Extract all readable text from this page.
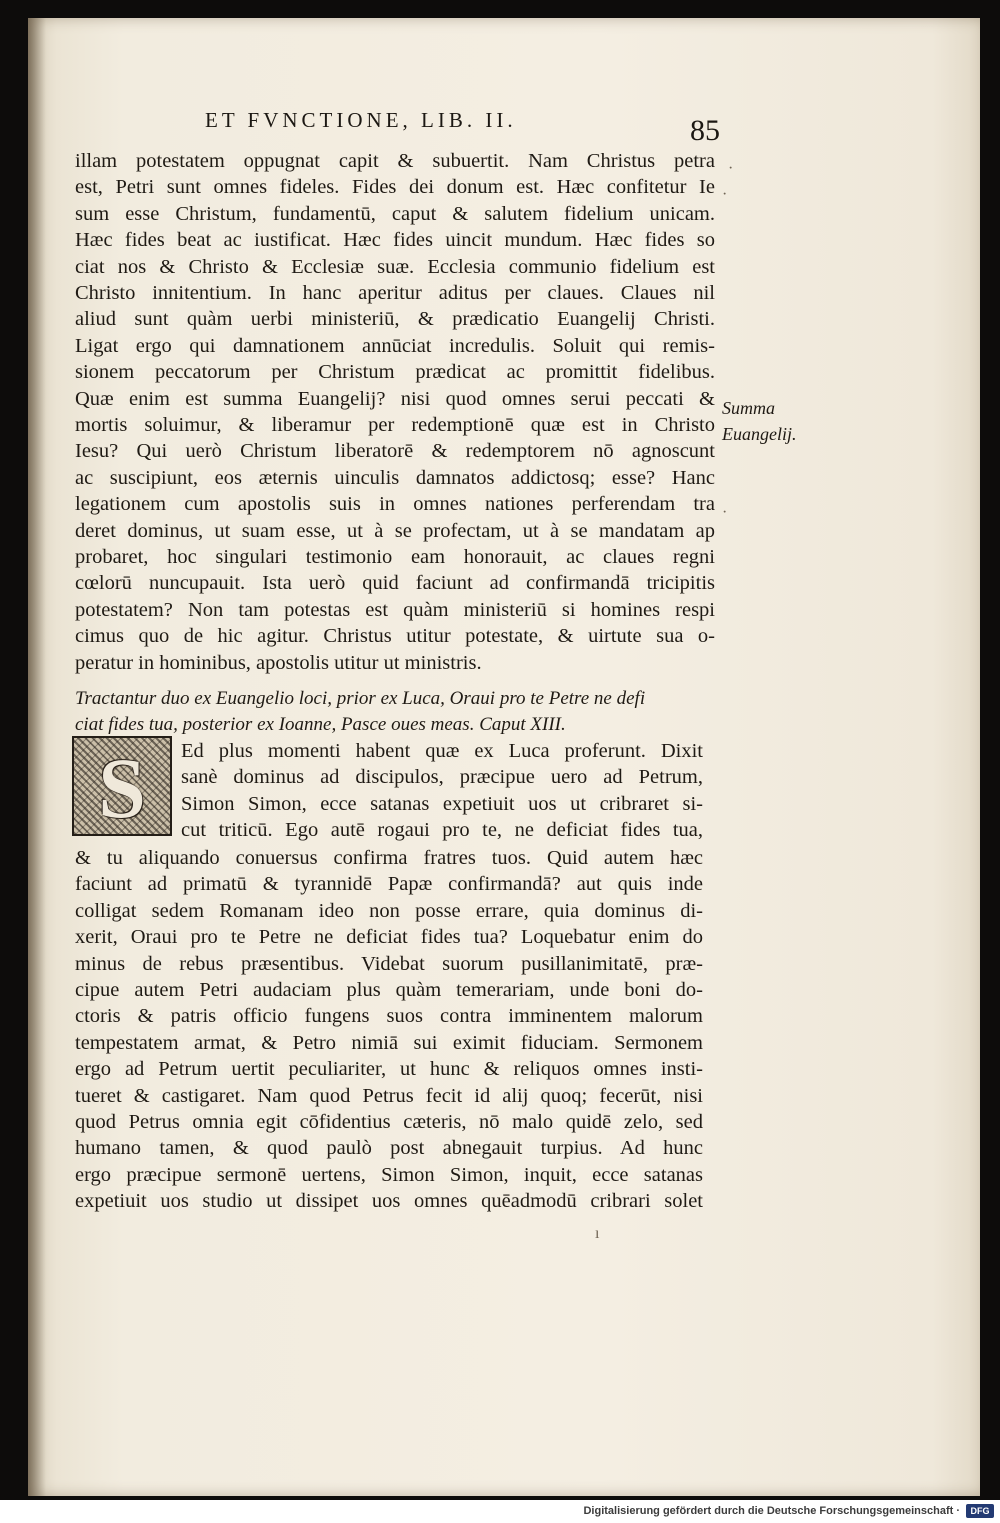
ET FVNCTIONE, LIB. II.	85
illam potestatem oppugnat capit & subuertit. Nam Christus petra
est, Petri sunt omnes fideles. Fides dei donum est. Hæc confitetur Ie
sum esse Christum, fundamentū, caput & salutem fidelium unicam.
Hæc fides beat ac iustificat. Hæc fides uincit mundum. Hæc fides so
ciat nos & Christo & Ecclesiæ suæ. Ecclesia communio fidelium est
Christo innitentium. In hanc aperitur aditus per claues. Claues nil
aliud sunt quàm uerbi ministeriū, & prædicatio Euangelij Christi.
Ligat ergo qui damnationem annūciat incredulis. Soluit qui remis-
sionem peccatorum per Christum prædicat ac promittit fidelibus.
Quæ enim est summa Euangelij? nisi quod omnes serui peccati &
mortis soluimur, & liberamur per redemptionē quæ est in Christo
Iesu? Qui uerò Christum liberatorē & redemptorem nō agnoscunt
ac suscipiunt, eos æternis uinculis damnatos addictosq; esse? Hanc
legationem cum apostolis suis in omnes nationes perferendam tra
deret dominus, ut suam esse, ut à se profectam, ut à se mandatam ap
probaret, hoc singulari testimonio eam honorauit, ac claues regni
cœlorū nuncupauit. Ista uerò quid faciunt ad confirmandā tricipitis
potestatem? Non tam potestas est quàm ministeriū si homines respi
cimus quo de hic agitur. Christus utitur potestate, & uirtute sua o-
peratur in hominibus, apostolis utitur ut ministris.
Summa
Euangelij.
Tractantur duo ex Euangelio loci, prior ex Luca, Oraui pro te Petre ne defi
ciat fides tua, posterior ex Ioanne, Pasce oues meas. Caput XIII.
S	Ed plus momenti habent quæ ex Luca proferunt. Dixit
sanè dominus ad discipulos, præcipue uero ad Petrum,
Simon Simon, ecce satanas expetiuit uos ut cribraret si-
cut triticū. Ego autē rogaui pro te, ne deficiat fides tua,
& tu aliquando conuersus confirma fratres tuos. Quid autem hæc
faciunt ad primatū & tyrannidē Papæ confirmandā? aut quis inde
colligat sedem Romanam ideo non posse errare, quia dominus di-
xerit, Oraui pro te Petre ne deficiat fides tua? Loquebatur enim do
minus de rebus præsentibus. Videbat suorum pusillanimitatē, præ-
cipue autem Petri audaciam plus quàm temerariam, unde boni do-
ctoris & patris officio fungens suos contra imminentem malorum
tempestatem armat, & Petro nimiā sui eximit fiduciam. Sermonem
ergo ad Petrum uertit peculiariter, ut hunc & reliquos omnes insti-
tueret & castigaret. Nam quod Petrus fecit id alij quoq; fecerūt, nisi
quod Petrus omnia egit cōfidentius cæteris, nō malo quidē zelo, sed
humano tamen, & quod paulò post abnegauit turpius. Ad hunc
ergo præcipue sermonē uertens, Simon Simon, inquit, ecce satanas
expetiuit uos studio ut dissipet uos omnes quēadmodū cribrari solet
·
·
·
ı
Digitalisierung gefördert durch die Deutsche Forschungsgemeinschaft ·	DFG
